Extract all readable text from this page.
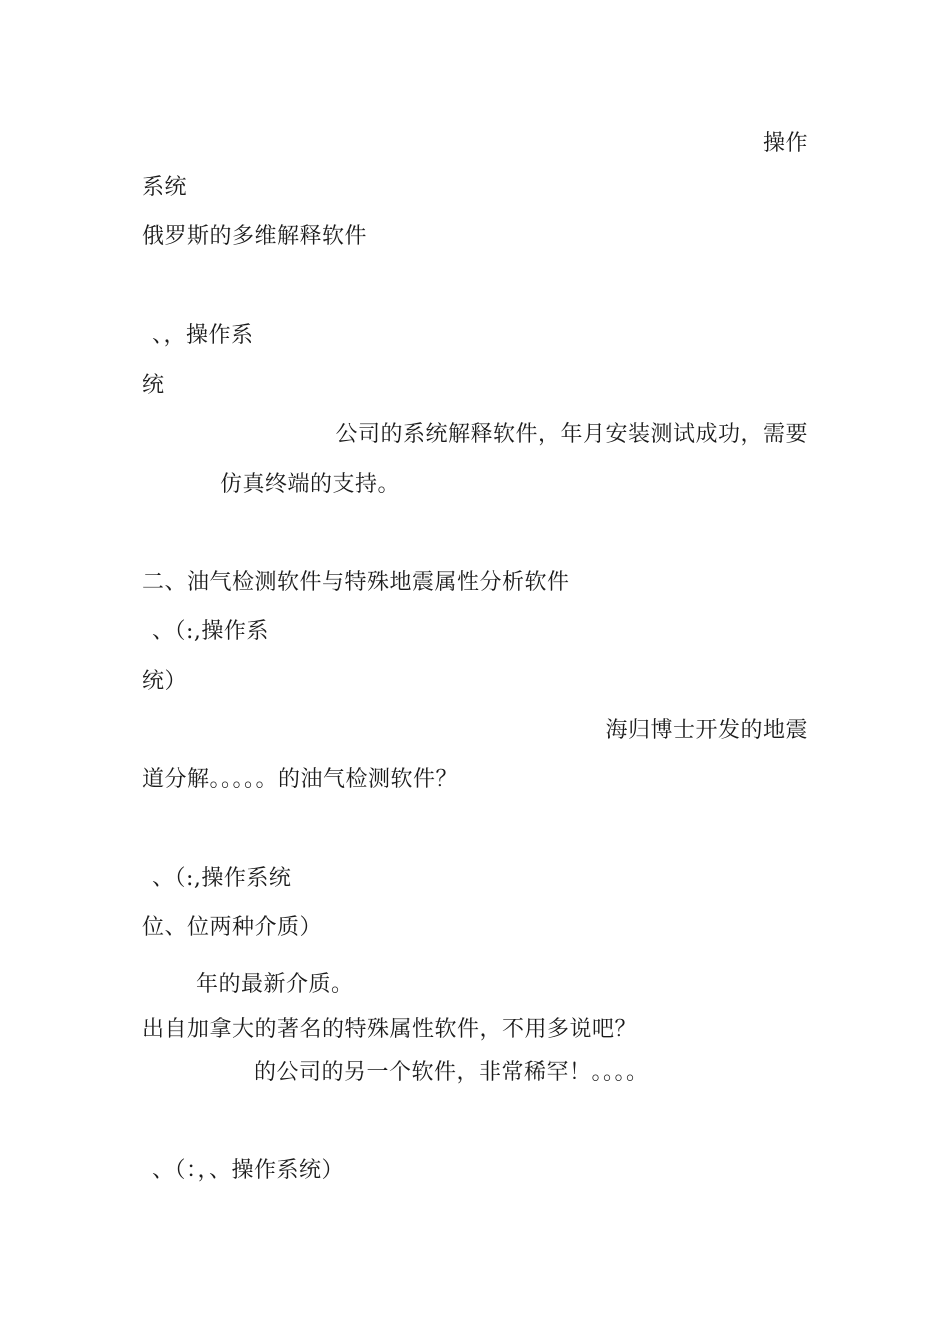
操作
系统
俄罗斯的多维解释软件
、，操作系
统
公司的系统解释软件，年月安装测试成功，需要
仿真终端的支持。
二、油气检测软件与特殊地震属性分析软件
、（:,操作系
统）
海归博士开发的地震
道分解。。。。。的油气检测软件？
、（:,操作系统
位、位两种介质）
年的最新介质。
出自加拿大的著名的特殊属性软件，不用多说吧？
的公司的另一个软件，非常稀罕！。。。。
、（：，、操作系统）
